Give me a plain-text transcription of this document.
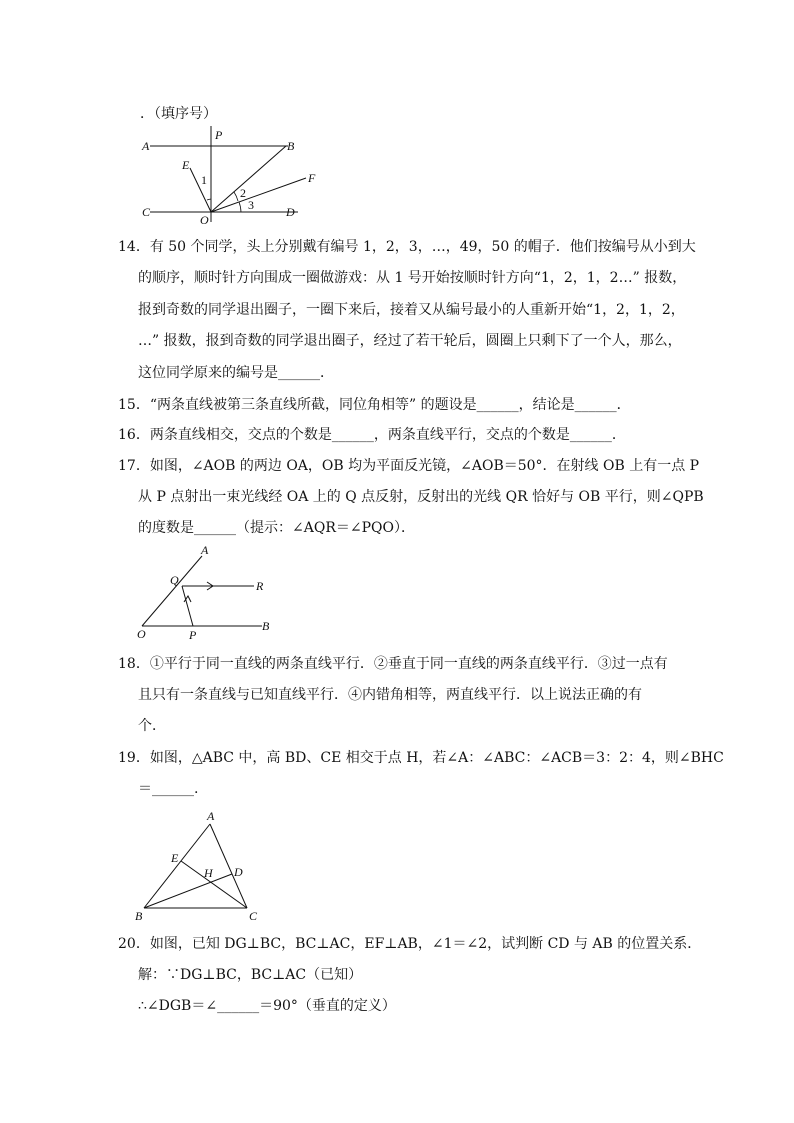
．（填序号）
A
P
B
E
1
2
F
C
O
3	D
14．有 50 个同学，头上分别戴有编号 1，2，3，…，49，50 的帽子．他们按编号从小到大
的顺序，顺时针方向围成一圈做游戏：从 1 号开始按顺时针方向“1，2，1，2…” 报数，
报到奇数的同学退出圈子，一圈下来后，接着又从编号最小的人重新开始“1，2，1，2，
…” 报数，报到奇数的同学退出圈子，经过了若干轮后，圆圈上只剩下了一个人，那么，
这位同学原来的编号是______．
15．“两条直线被第三条直线所截，同位角相等” 的题设是______，结论是______．
16．两条直线相交，交点的个数是______，两条直线平行，交点的个数是______．
17．如图，∠AOB 的两边 OA，OB 均为平面反光镜，∠AOB＝50°．在射线 OB 上有一点 P
从 P 点射出一束光线经 OA 上的 Q 点反射，反射出的光线 QR 恰好与 OB 平行，则∠QPB
的度数是______（提示：∠AQR＝∠PQO）．
A
Q	R
O	P
B
18．①平行于同一直线的两条直线平行．②垂直于同一直线的两条直线平行．③过一点有
且只有一条直线与已知直线平行．④内错角相等，两直线平行．以上说法正确的有
个．
19．如图，△ABC 中，高 BD、CE 相交于点 H，若∠A：∠ABC：∠ACB＝3：2：4，则∠BHC
＝______.
A
E
H D
B	C
20．如图，已知 DG⊥BC，BC⊥AC，EF⊥AB，∠1＝∠2，试判断 CD 与 AB 的位置关系．
解：∵DG⊥BC，BC⊥AC（已知）
∴∠DGB＝∠______＝90°（垂直的定义）
